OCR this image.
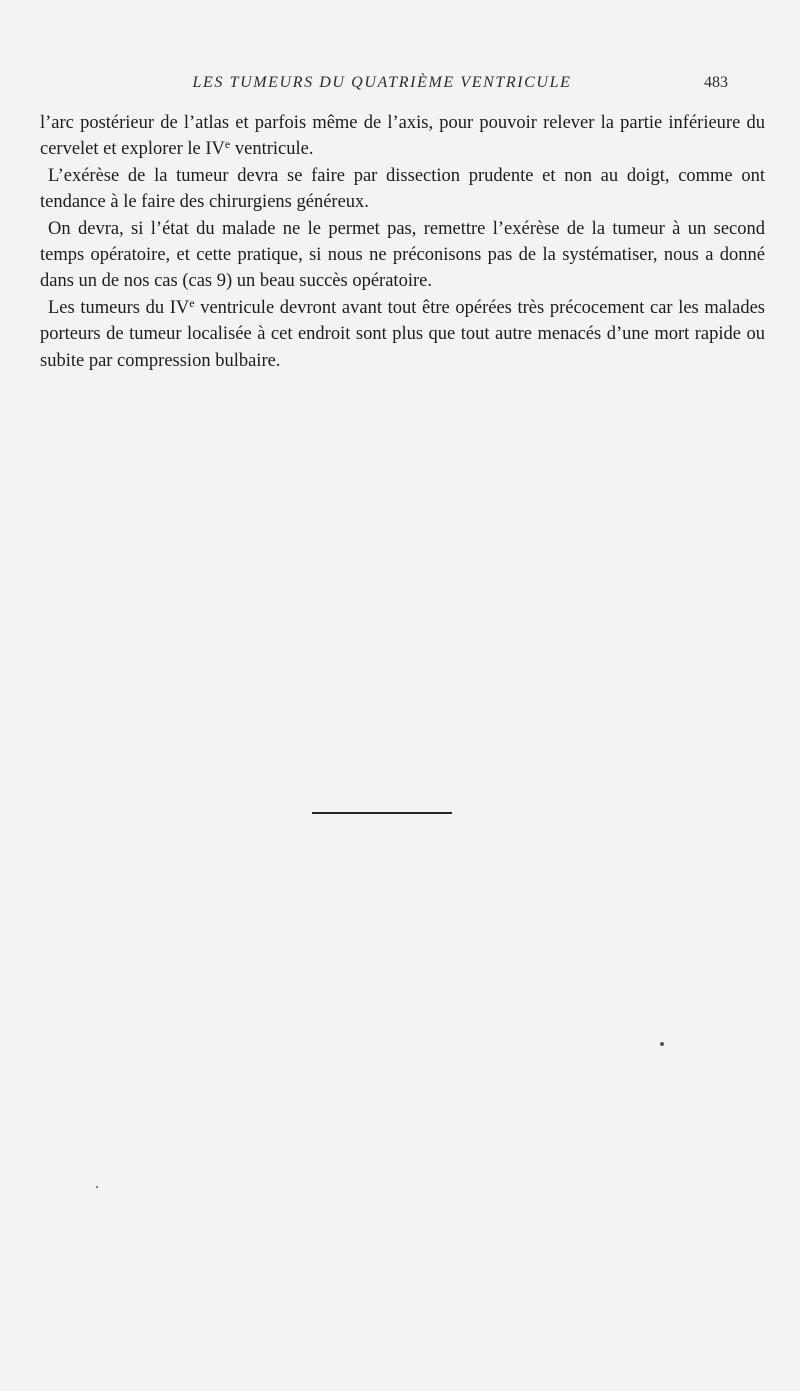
LES TUMEURS DU QUATRIÈME VENTRICULE	483

l’arc postérieur de l’atlas et parfois même de l’axis, pour pouvoir relever la partie inférieure du cervelet et explorer le IVe ventricule.

L’exérèse de la tumeur devra se faire par dissection prudente et non au doigt, comme ont tendance à le faire des chirurgiens généreux.

On devra, si l’état du malade ne le permet pas, remettre l’exérèse de la tumeur à un second temps opératoire, et cette pratique, si nous ne préconisons pas de la systématiser, nous a donné dans un de nos cas (cas 9) un beau succès opératoire.

Les tumeurs du IVe ventricule devront avant tout être opérées très précocement car les malades porteurs de tumeur localisée à cet endroit sont plus que tout autre menacés d’une mort rapide ou subite par compression bulbaire.
